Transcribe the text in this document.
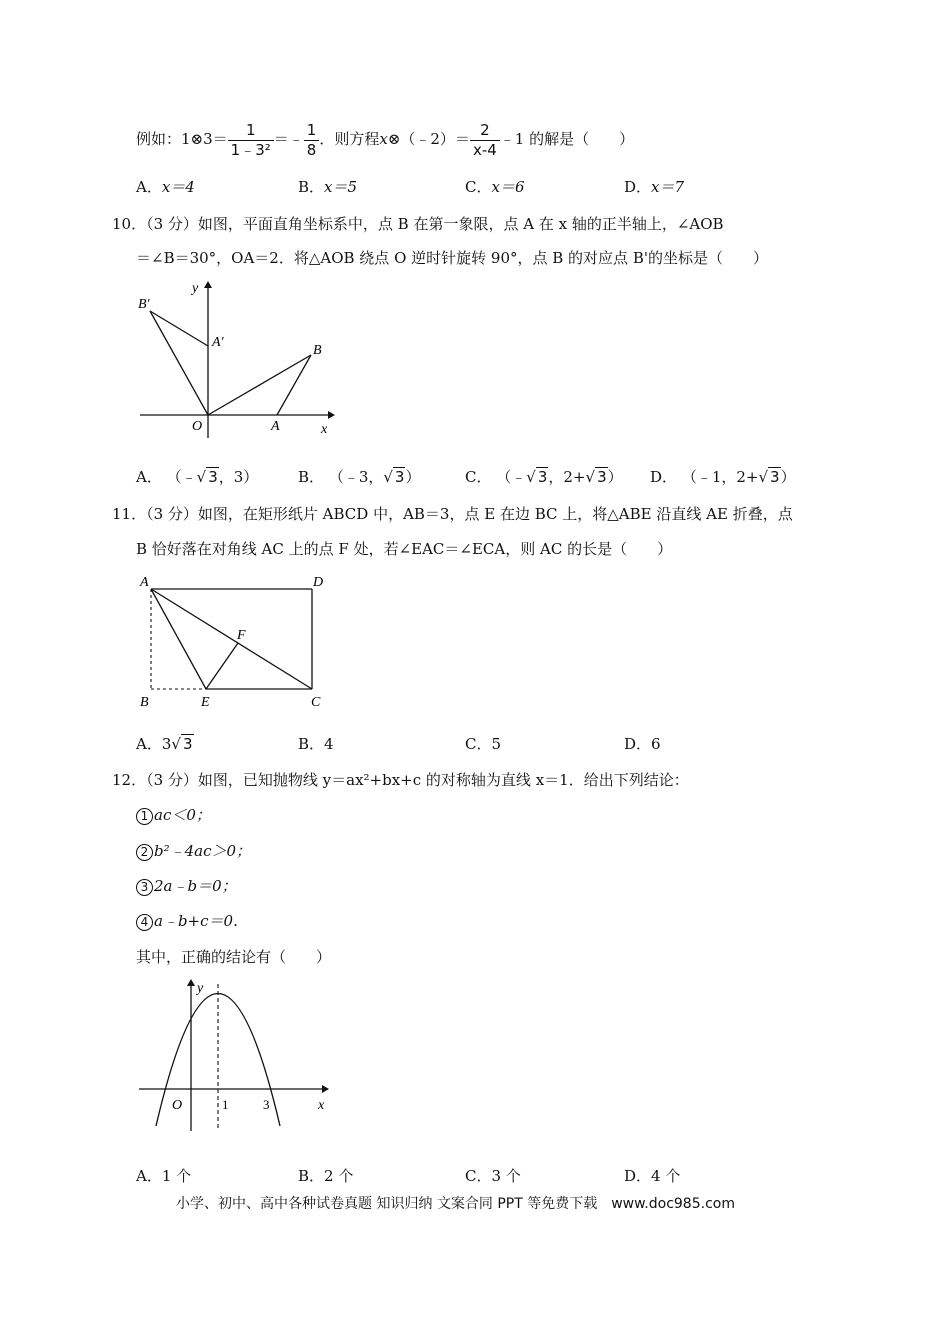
例如：1⊗3＝ $\frac{1}{\text{1﹣3²}}$ ＝﹣ $\frac{1}{8}$ ．则方程x⊗（﹣2）＝ $\frac{2}{x-4}$ ﹣1 的解是（　　）
A．x＝4	B．x＝5	C．x＝6	D．x＝7
10．（3 分）如图，平面直角坐标系中，点 B 在第一象限，点 A 在 x 轴的正半轴上，∠AOB
＝∠B＝30°，OA＝2．将△AOB 绕点 O 逆时针旋转 90°，点 B 的对应点 B'的坐标是（　　）
B′
A′
B
O	A	x
y
A． （﹣√ 3，3）	B． （﹣3，√ 3）	C． （﹣√ 3，2+√ 3） D． （﹣1，2+√ 3）
11．（3 分）如图，在矩形纸片 ABCD 中，AB＝3，点 E 在边 BC 上，将△ABE 沿直线 AE 折叠，点
B 恰好落在对角线 AC 上的点 F 处，若∠EAC＝∠ECA，则 AC 的长是（　　）
A	D
F
B	E	C
A．3√ 3	B．4	C．5	D．6
12．（3 分）如图，已知抛物线 y＝ax²+bx+c 的对称轴为直线 x＝1．给出下列结论：
1 ac＜0；
2 b²﹣4ac＞0；
3 2a﹣b＝0；
4 a﹣b+c＝0．
其中，正确的结论有（　　）
y
O	1	3	x
A．1 个	B．2 个	C．3 个	D．4 个
小学、初中、高中各种试卷真题 知识归纳 文案合同 PPT 等免费下载　www.doc985.com
